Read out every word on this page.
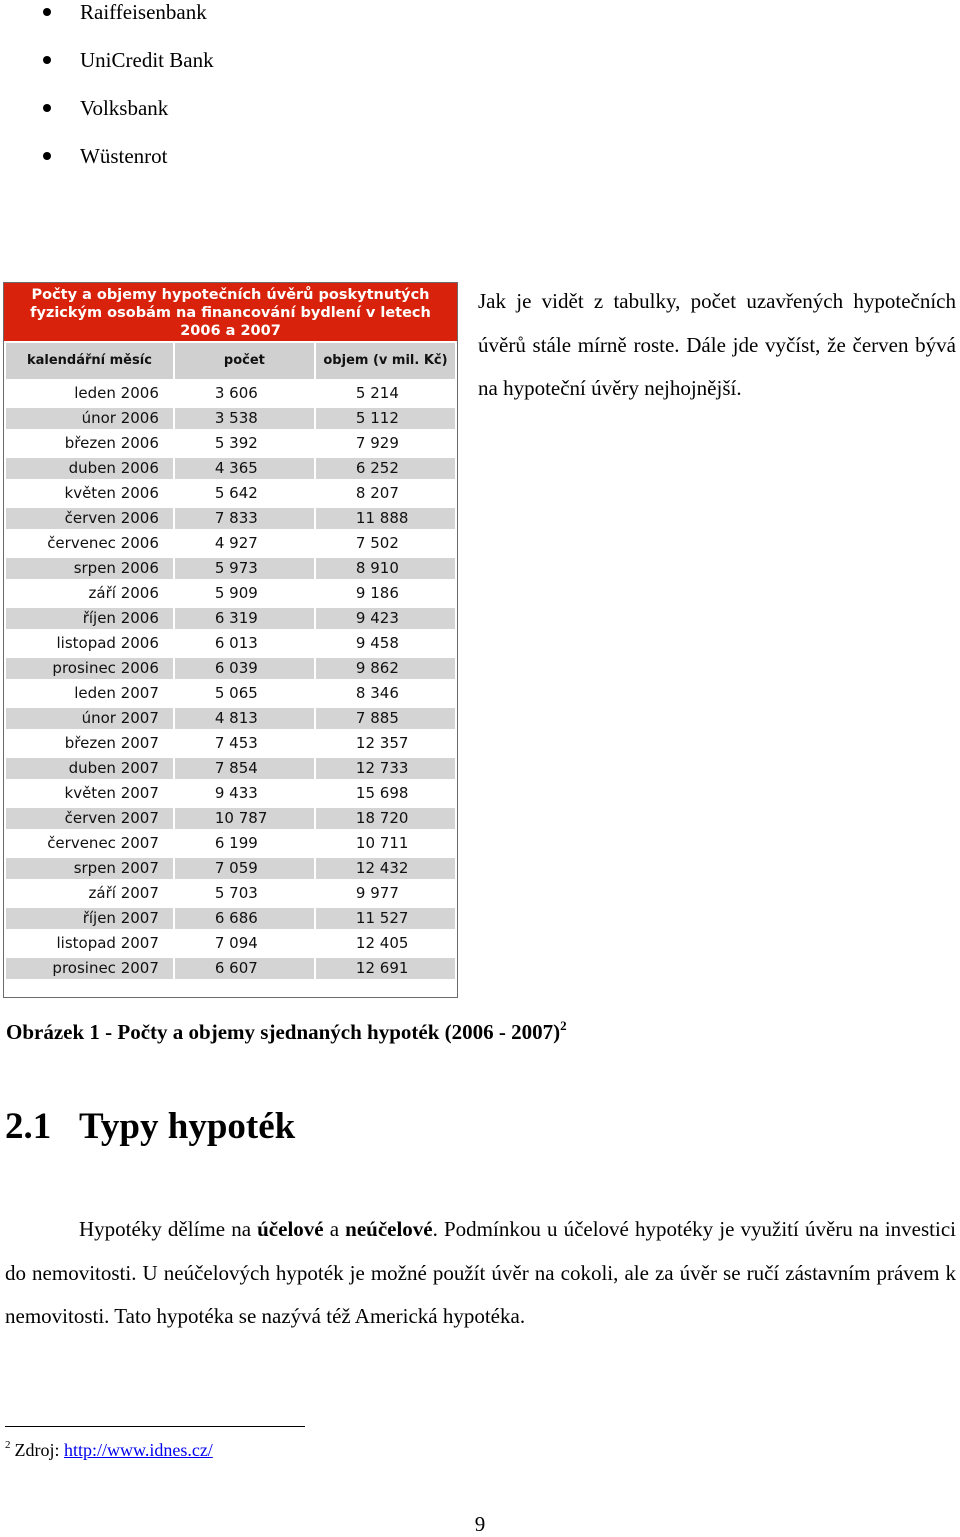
Raiffeisenbank
UniCredit Bank
Volksbank
Wüstenrot
Počty a objemy hypotečních úvěrů poskytnutých fyzickým osobám na financování bydlení v letech 2006 a 2007
kalendářní měsíc	počet	objem (v mil. Kč)
leden 2006	3 606	5 214
únor 2006	3 538	5 112
březen 2006	5 392	7 929
duben 2006	4 365	6 252
květen 2006	5 642	8 207
červen 2006	7 833	11 888
červenec 2006	4 927	7 502
srpen 2006	5 973	8 910
září 2006	5 909	9 186
říjen 2006	6 319	9 423
listopad 2006	6 013	9 458
prosinec 2006	6 039	9 862
leden 2007	5 065	8 346
únor 2007	4 813	7 885
březen 2007	7 453	12 357
duben 2007	7 854	12 733
květen 2007	9 433	15 698
červen 2007	10 787	18 720
červenec 2007	6 199	10 711
srpen 2007	7 059	12 432
září 2007	5 703	9 977
říjen 2007	6 686	11 527
listopad 2007	7 094	12 405
prosinec 2007	6 607	12 691

Jak je vidět z tabulky, počet uzavřených hypotečních úvěrů stále mírně roste. Dále jde vyčíst, že červen bývá na hypoteční úvěry nejhojnější.

Obrázek 1 - Počty a objemy sjednaných hypoték (2006 - 2007)$^2$

2.1 Typy hypoték

Hypotéky dělíme na účelové a neúčelové. Podmínkou u účelové hypotéky je využití úvěru na investici do nemovitosti. U neúčelových hypoték je možné použít úvěr na cokoli, ale za úvěr se ručí zástavním právem k nemovitosti. Tato hypotéka se nazývá též Americká hypotéka.

$^2$ Zdroj: http://www.idnes.cz/

9
